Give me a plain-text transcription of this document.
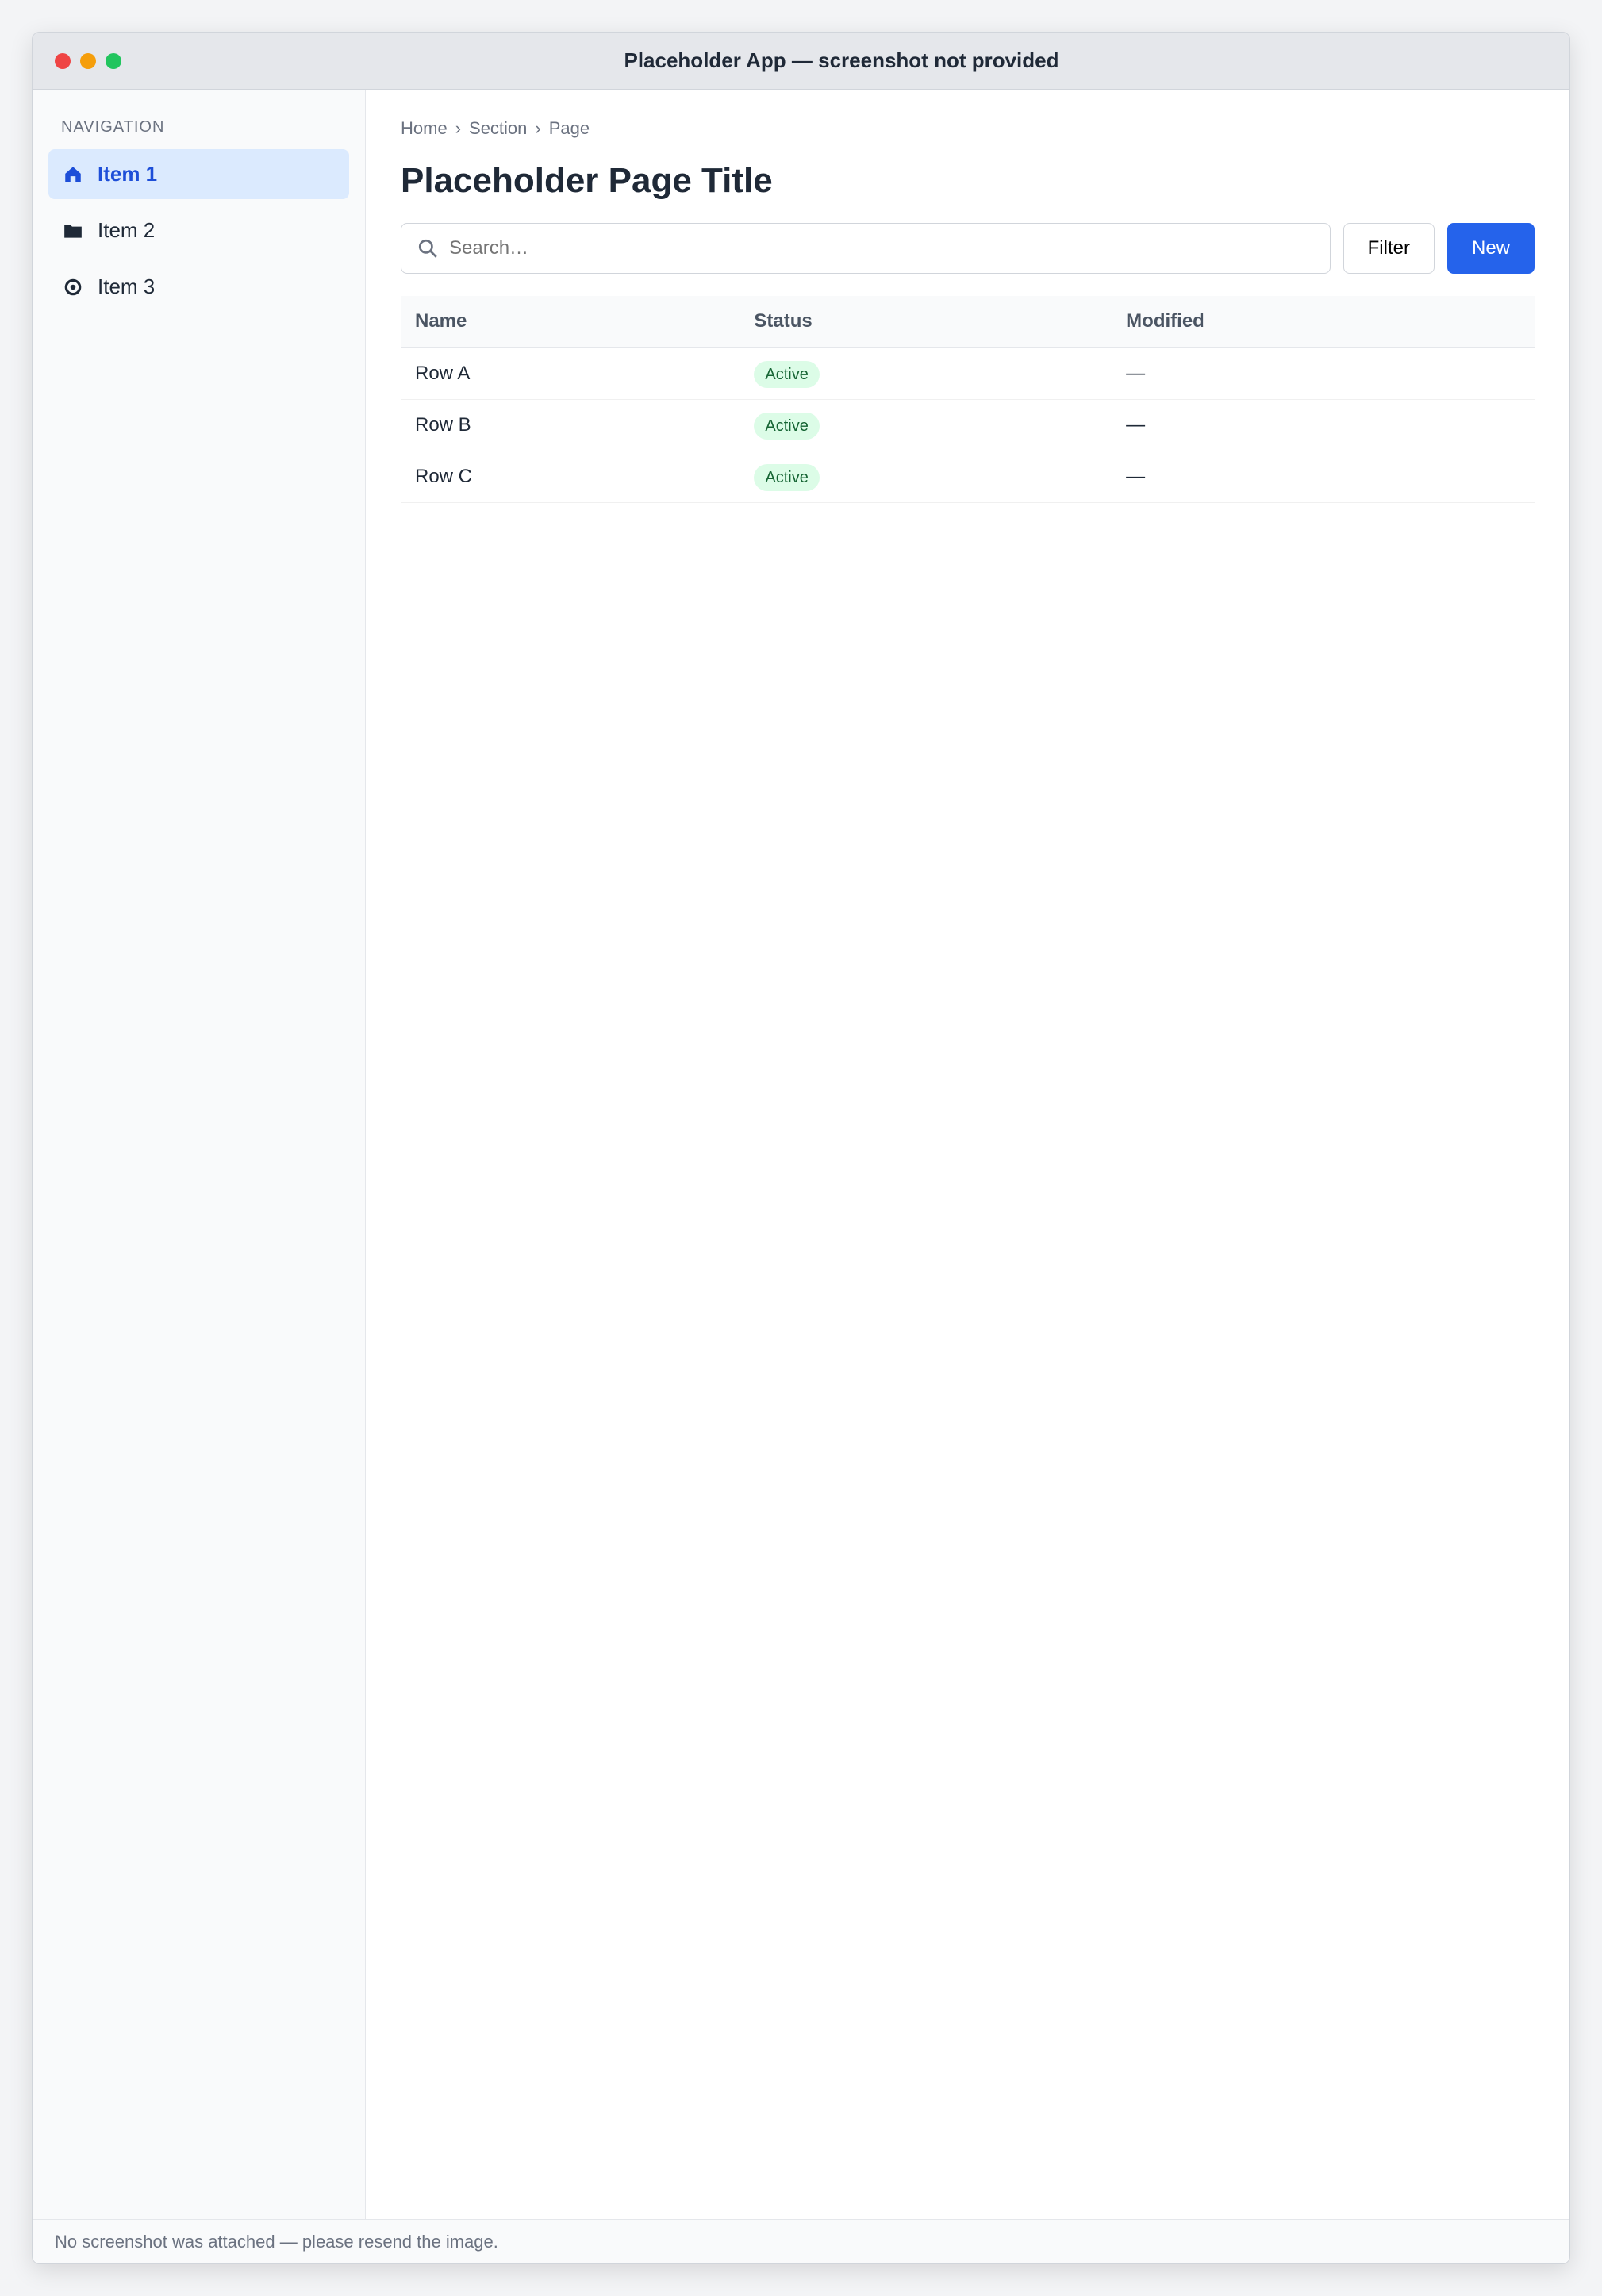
Placeholder App — screenshot not provided
NAVIGATION
Item 1
Item 2
Item 3
Home › Section › Page
Placeholder Page Title
Search…
Filter	New
Name	Status	Modified
Row A	Active	—
Row B	Active	—
Row C	Active	—
No screenshot was attached — please resend the image.
